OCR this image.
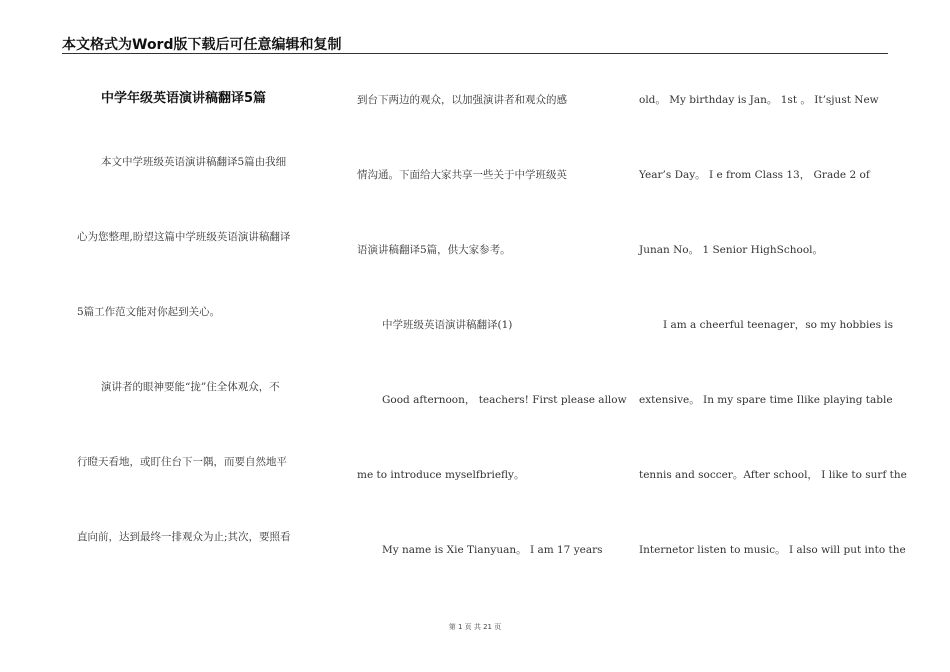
本文格式为Word版下载后可任意编辑和复制
中学年级英语演讲稿翻译5篇
本文中学班级英语演讲稿翻译5篇由我细
心为您整理,盼望这篇中学班级英语演讲稿翻译
5篇工作范文能对你起到关心。
演讲者的眼神要能“拢”住全体观众，不
行瞪天看地，或盯住台下一隅，而要自然地平
直向前，达到最终一排观众为止;其次，要照看
到台下两边的观众，以加强演讲者和观众的感
情沟通。下面给大家共享一些关于中学班级英
语演讲稿翻译5篇，供大家参考。
中学班级英语演讲稿翻译(1)
Good afternoon， teachers! First please allow
me to introduce myselfbriefly。
My name is Xie Tianyuan。 I am 17 years
old。 My birthday is Jan。 1st 。 It’sjust New
Year’s Day。 I e from Class 13， Grade 2 of
Junan No。 1 Senior HighSchool。
I am a cheerful teenager，so my hobbies is
extensive。 In my spare time Ilike playing table
tennis and soccer。After school， I like to surf the
Internetor listen to music。 I also will put into the
第 1 页 共 21 页
